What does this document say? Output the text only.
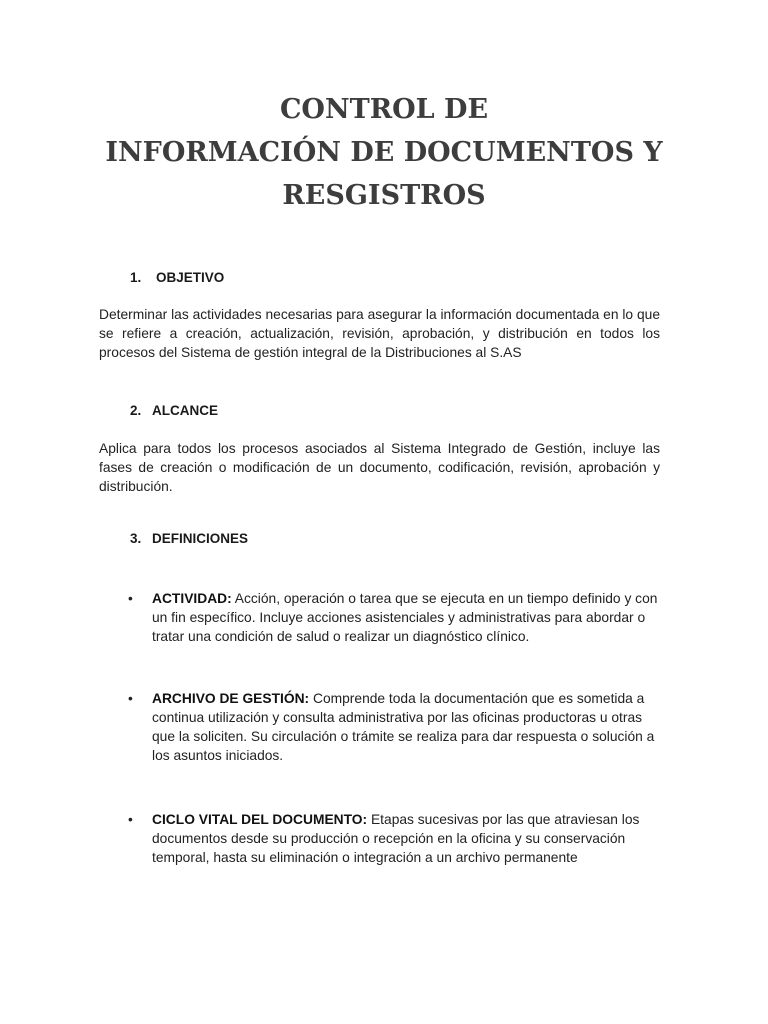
CONTROL DE
INFORMACIÓN DE DOCUMENTOS Y
RESGISTROS
1. OBJETIVO

Determinar las actividades necesarias para asegurar la información documentada en lo que se refiere a creación, actualización, revisión, aprobación, y distribución en todos los procesos del Sistema de gestión integral de la Distribuciones al S.AS

2. ALCANCE

Aplica para todos los procesos asociados al Sistema Integrado de Gestión, incluye las fases de creación o modificación de un documento, codificación, revisión, aprobación y distribución.

3. DEFINICIONES
• ACTIVIDAD: Acción, operación o tarea que se ejecuta en un tiempo definido y con un fin específico. Incluye acciones asistenciales y administrativas para abordar o tratar una condición de salud o realizar un diagnóstico clínico.
• ARCHIVO DE GESTIÓN: Comprende toda la documentación que es sometida a continua utilización y consulta administrativa por las oficinas productoras u otras que la soliciten. Su circulación o trámite se realiza para dar respuesta o solución a los asuntos iniciados.
• CICLO VITAL DEL DOCUMENTO: Etapas sucesivas por las que atraviesan los documentos desde su producción o recepción en la oficina y su conservación temporal, hasta su eliminación o integración a un archivo permanente
